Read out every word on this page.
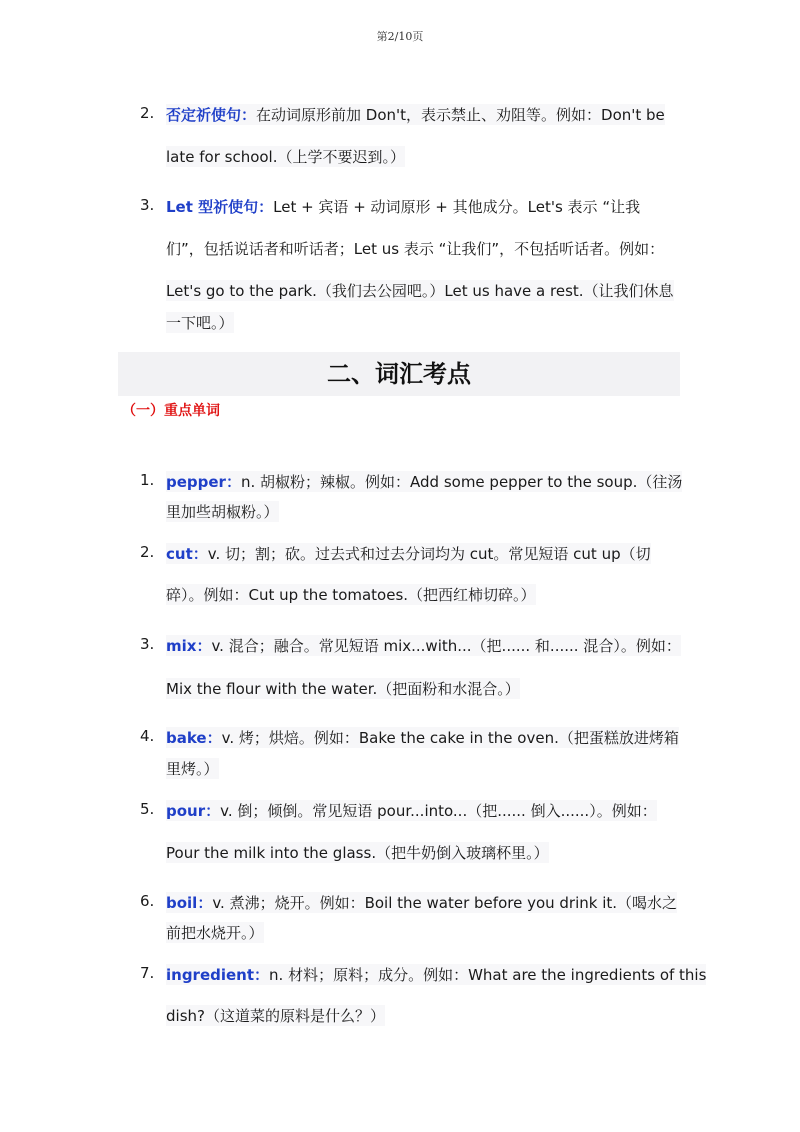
第2/10页
2. 否定祈使句：在动词原形前加 Don't，表示禁止、劝阻等。例如：Don't be
late for school.（上学不要迟到。）
3. Let 型祈使句：Let + 宾语 + 动词原形 + 其他成分。Let's 表示 “让我
们”，包括说话者和听话者；Let us 表示 “让我们”，不包括听话者。例如：
Let's go to the park.（我们去公园吧。）Let us have a rest.（让我们休息
一下吧。）
二、词汇考点
（一）重点单词
1. pepper：n. 胡椒粉；辣椒。例如：Add some pepper to the soup.（往汤
里加些胡椒粉。）
2. cut：v. 切；割；砍。过去式和过去分词均为 cut。常见短语 cut up（切
碎）。例如：Cut up the tomatoes.（把西红柿切碎。）
3. mix：v. 混合；融合。常见短语 mix...with...（把...... 和...... 混合）。例如：
Mix the flour with the water.（把面粉和水混合。）
4. bake：v. 烤；烘焙。例如：Bake the cake in the oven.（把蛋糕放进烤箱
里烤。）
5. pour：v. 倒；倾倒。常见短语 pour...into...（把...... 倒入......）。例如：
Pour the milk into the glass.（把牛奶倒入玻璃杯里。）
6. boil：v. 煮沸；烧开。例如：Boil the water before you drink it.（喝水之
前把水烧开。）
7. ingredient：n. 材料；原料；成分。例如：What are the ingredients of this
dish?（这道菜的原料是什么？）
